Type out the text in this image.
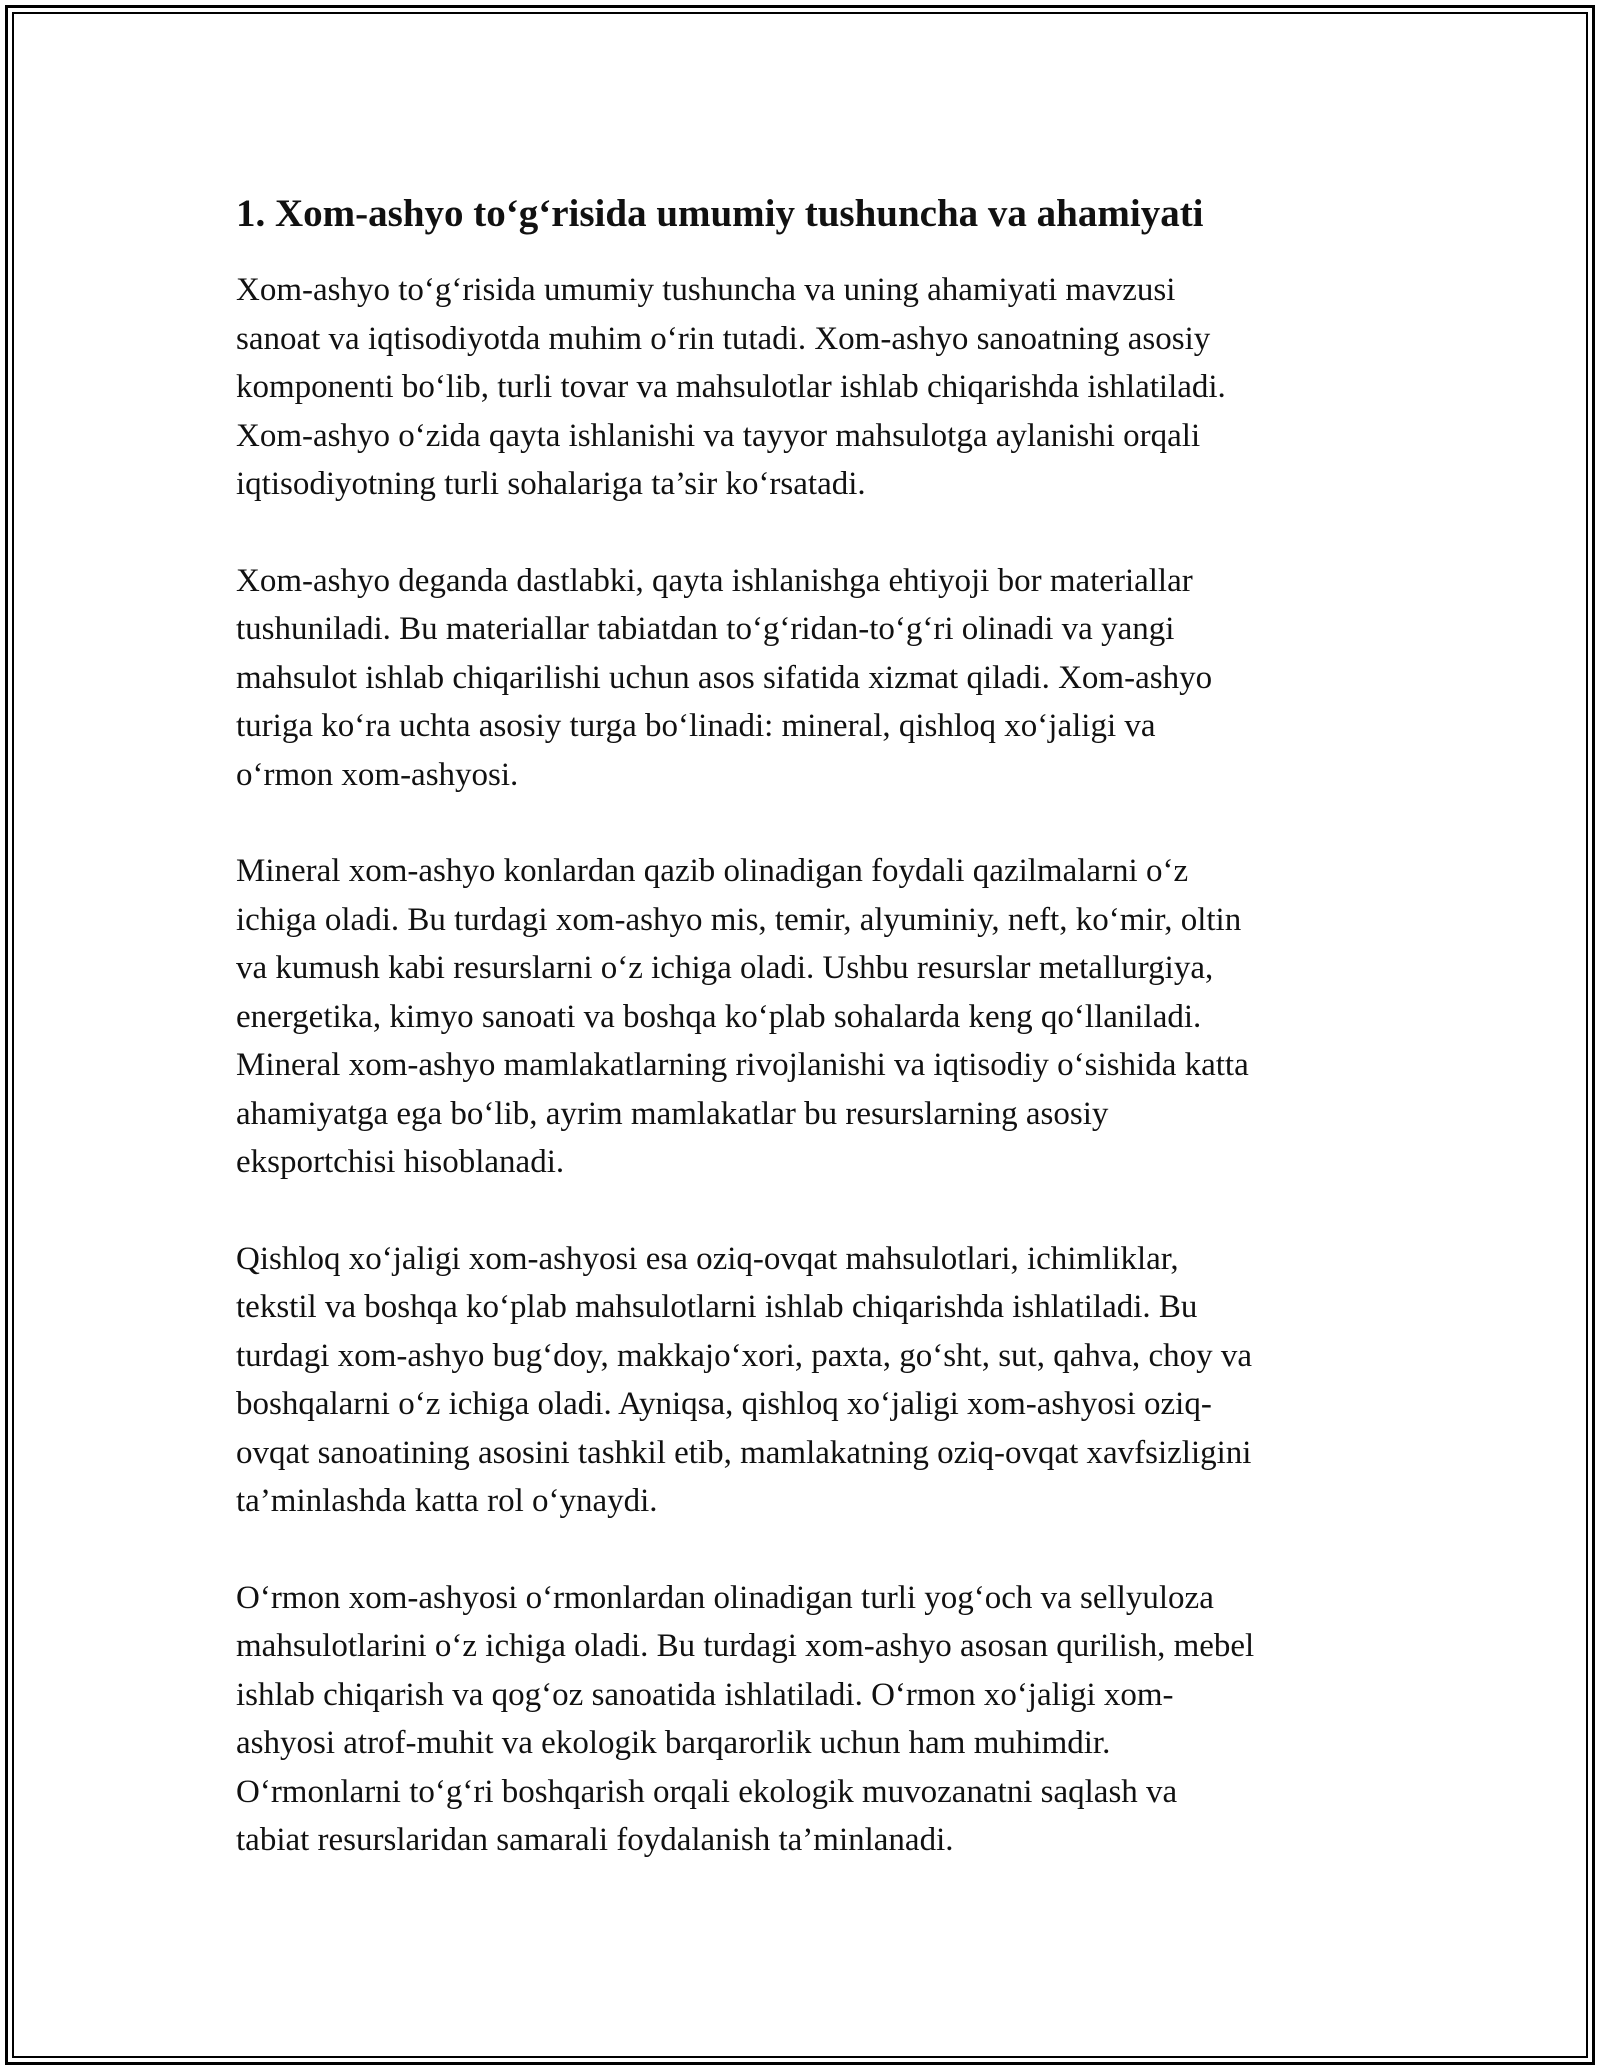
1. Xom-ashyo to‘g‘risida umumiy tushuncha va ahamiyati

Xom-ashyo to‘g‘risida umumiy tushuncha va uning ahamiyati mavzusi
sanoat va iqtisodiyotda muhim o‘rin tutadi. Xom-ashyo sanoatning asosiy
komponenti bo‘lib, turli tovar va mahsulotlar ishlab chiqarishda ishlatiladi.
Xom-ashyo o‘zida qayta ishlanishi va tayyor mahsulotga aylanishi orqali
iqtisodiyotning turli sohalariga ta’sir ko‘rsatadi.

Xom-ashyo deganda dastlabki, qayta ishlanishga ehtiyoji bor materiallar
tushuniladi. Bu materiallar tabiatdan to‘g‘ridan-to‘g‘ri olinadi va yangi
mahsulot ishlab chiqarilishi uchun asos sifatida xizmat qiladi. Xom-ashyo
turiga ko‘ra uchta asosiy turga bo‘linadi: mineral, qishloq xo‘jaligi va
o‘rmon xom-ashyosi.

Mineral xom-ashyo konlardan qazib olinadigan foydali qazilmalarni o‘z
ichiga oladi. Bu turdagi xom-ashyo mis, temir, alyuminiy, neft, ko‘mir, oltin
va kumush kabi resurslarni o‘z ichiga oladi. Ushbu resurslar metallurgiya,
energetika, kimyo sanoati va boshqa ko‘plab sohalarda keng qo‘llaniladi.
Mineral xom-ashyo mamlakatlarning rivojlanishi va iqtisodiy o‘sishida katta
ahamiyatga ega bo‘lib, ayrim mamlakatlar bu resurslarning asosiy
eksportchisi hisoblanadi.

Qishloq xo‘jaligi xom-ashyosi esa oziq-ovqat mahsulotlari, ichimliklar,
tekstil va boshqa ko‘plab mahsulotlarni ishlab chiqarishda ishlatiladi. Bu
turdagi xom-ashyo bug‘doy, makkajo‘xori, paxta, go‘sht, sut, qahva, choy va
boshqalarni o‘z ichiga oladi. Ayniqsa, qishloq xo‘jaligi xom-ashyosi oziq-
ovqat sanoatining asosini tashkil etib, mamlakatning oziq-ovqat xavfsizligini
ta’minlashda katta rol o‘ynaydi.

O‘rmon xom-ashyosi o‘rmonlardan olinadigan turli yog‘och va sellyuloza
mahsulotlarini o‘z ichiga oladi. Bu turdagi xom-ashyo asosan qurilish, mebel
ishlab chiqarish va qog‘oz sanoatida ishlatiladi. O‘rmon xo‘jaligi xom-
ashyosi atrof-muhit va ekologik barqarorlik uchun ham muhimdir.
O‘rmonlarni to‘g‘ri boshqarish orqali ekologik muvozanatni saqlash va
tabiat resurslaridan samarali foydalanish ta’minlanadi.
